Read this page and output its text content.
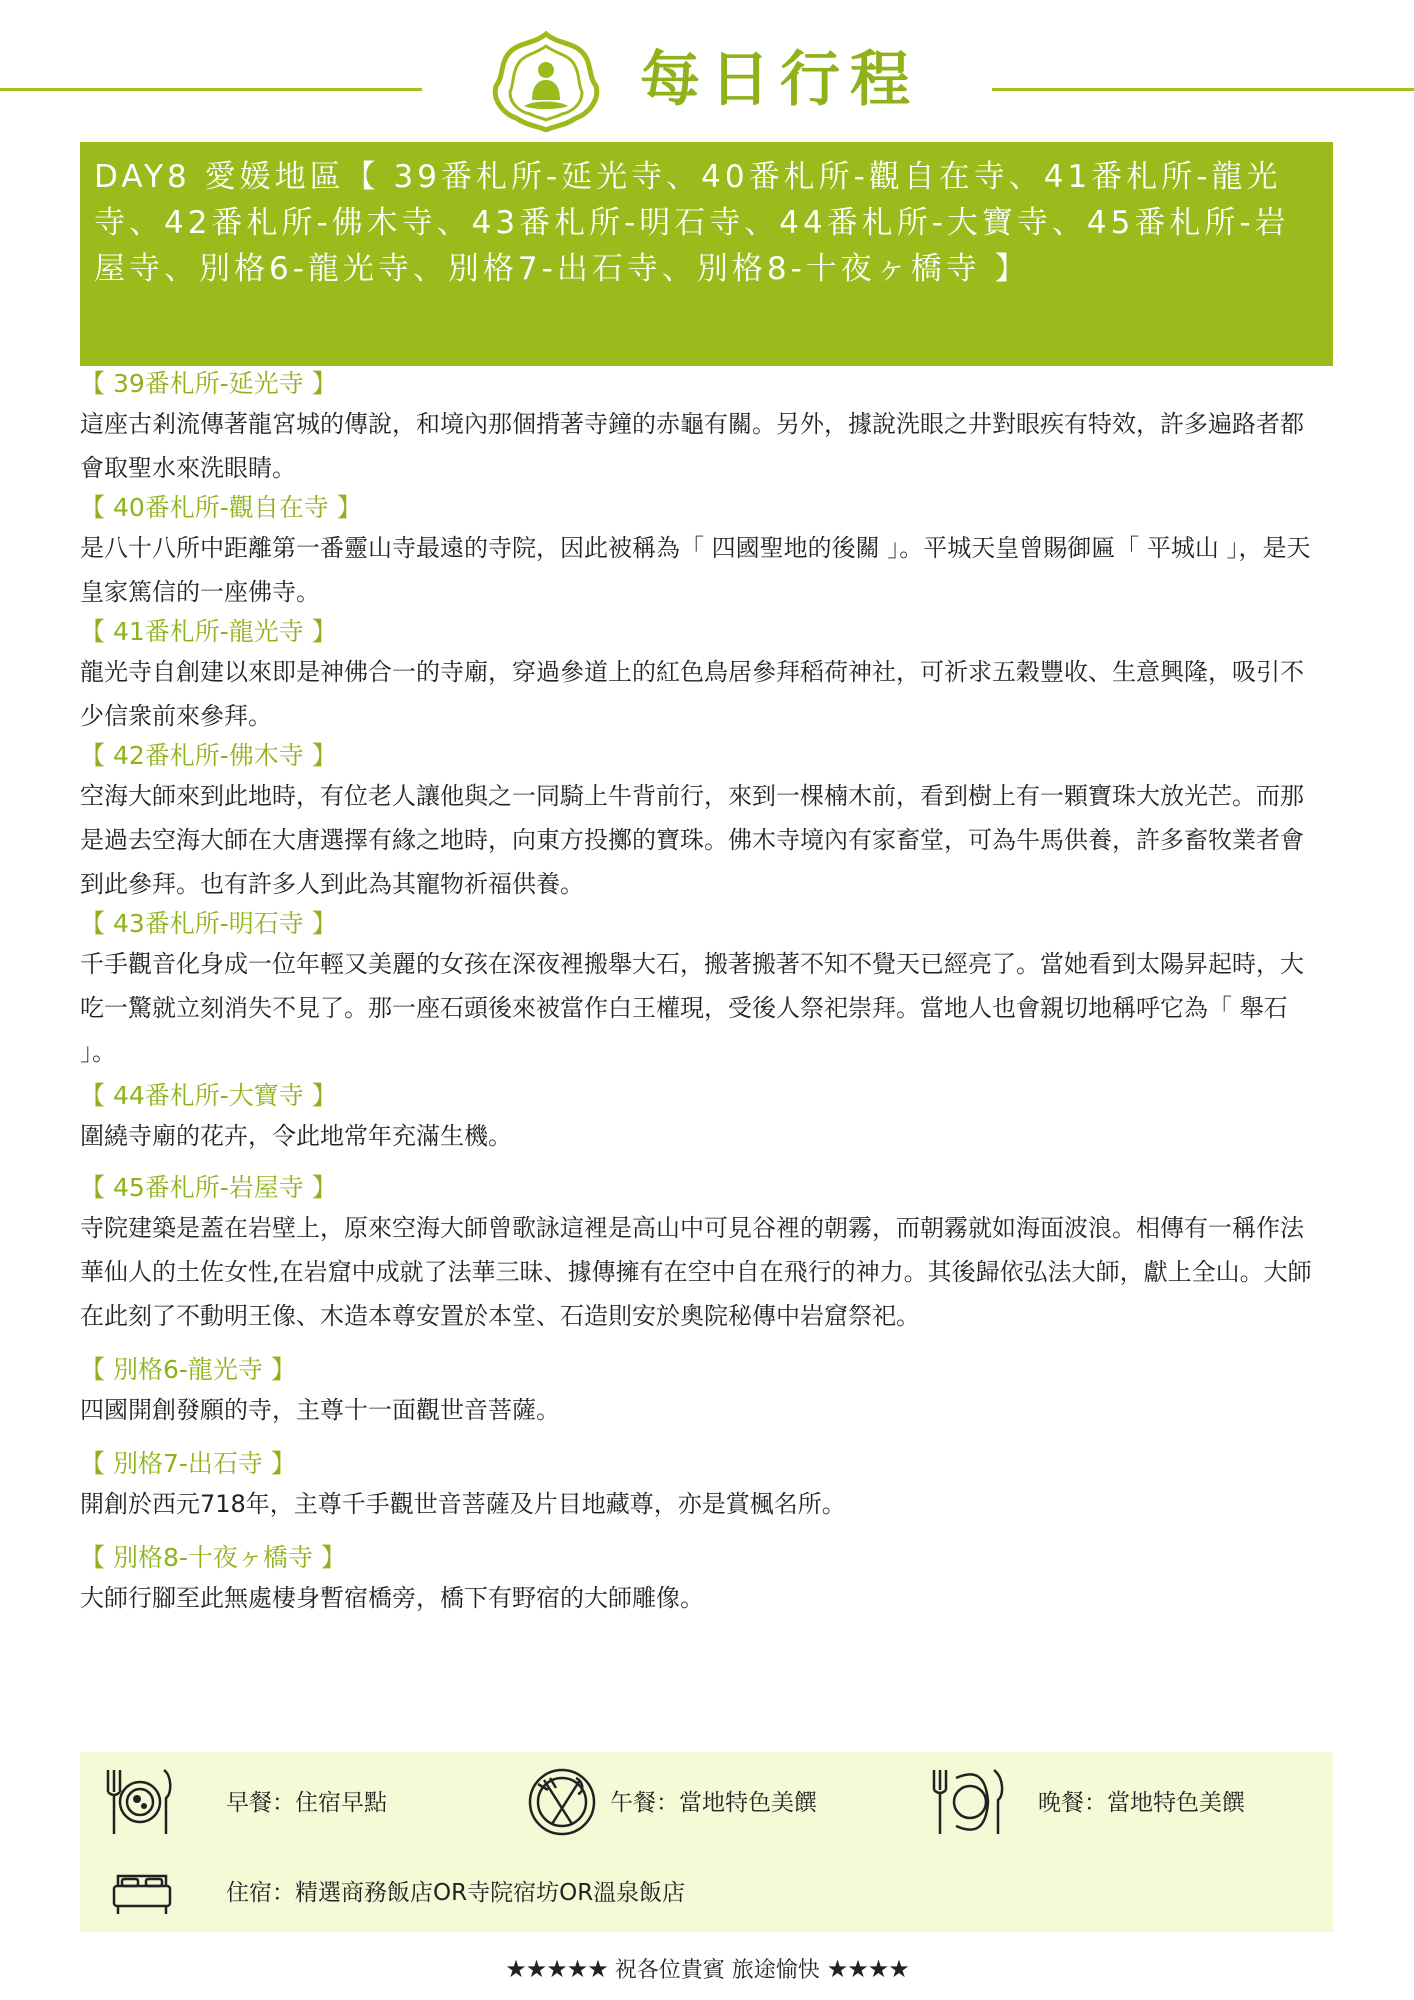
每日行程
DAY8 愛媛地區【 39番札所-延光寺、40番札所-觀自在寺、41番札所-龍光寺、42番札所-佛木寺、43番札所-明石寺、44番札所-大寶寺、45番札所-岩屋寺、別格6-龍光寺、別格7-出石寺、別格8-十夜ヶ橋寺 】

【 39番札所-延光寺 】

這座古剎流傳著龍宮城的傳說，和境內那個揹著寺鐘的赤龜有關。另外，據說洗眼之井對眼疾有特效，許多遍路者都會取聖水來洗眼睛。

【 40番札所-觀自在寺 】

是八十八所中距離第一番靈山寺最遠的寺院，因此被稱為「 四國聖地的後關 」。平城天皇曾賜御匾「 平城山 」，是天皇家篤信的一座佛寺。

【 41番札所-龍光寺 】

龍光寺自創建以來即是神佛合一的寺廟，穿過參道上的紅色鳥居參拜稻荷神社，可祈求五穀豐收、生意興隆，吸引不少信衆前來參拜。

【 42番札所-佛木寺 】

空海大師來到此地時，有位老人讓他與之一同騎上牛背前行，來到一棵楠木前，看到樹上有一顆寶珠大放光芒。而那是過去空海大師在大唐選擇有緣之地時，向東方投擲的寶珠。佛木寺境內有家畜堂，可為牛馬供養，許多畜牧業者會到此參拜。也有許多人到此為其寵物祈福供養。

【 43番札所-明石寺 】

千手觀音化身成一位年輕又美麗的女孩在深夜裡搬舉大石，搬著搬著不知不覺天已經亮了。當她看到太陽昇起時，大吃一驚就立刻消失不見了。那一座石頭後來被當作白王權現，受後人祭祀崇拜。當地人也會親切地稱呼它為「 舉石 」。

【 44番札所-大寶寺 】

圍繞寺廟的花卉，令此地常年充滿生機。

【 45番札所-岩屋寺 】

寺院建築是蓋在岩壁上，原來空海大師曾歌詠這裡是高山中可見谷裡的朝霧，而朝霧就如海面波浪。相傳有一稱作法華仙人的土佐女性,在岩窟中成就了法華三昧、據傳擁有在空中自在飛行的神力。其後歸依弘法大師，獻上全山。大師在此刻了不動明王像、木造本尊安置於本堂、石造則安於奧院秘傳中岩窟祭祀。

【 別格6-龍光寺 】

四國開創發願的寺，主尊十一面觀世音菩薩。

【 別格7-出石寺 】

開創於西元718年，主尊千手觀世音菩薩及片目地藏尊，亦是賞楓名所。

【 別格8-十夜ヶ橋寺 】

大師行腳至此無處棲身暫宿橋旁，橋下有野宿的大師雕像。

早餐：住宿早點	午餐：當地特色美饌	晚餐：當地特色美饌
住宿：精選商務飯店OR寺院宿坊OR溫泉飯店
★★★★★ 祝各位貴賓 旅途愉快 ★★★★
